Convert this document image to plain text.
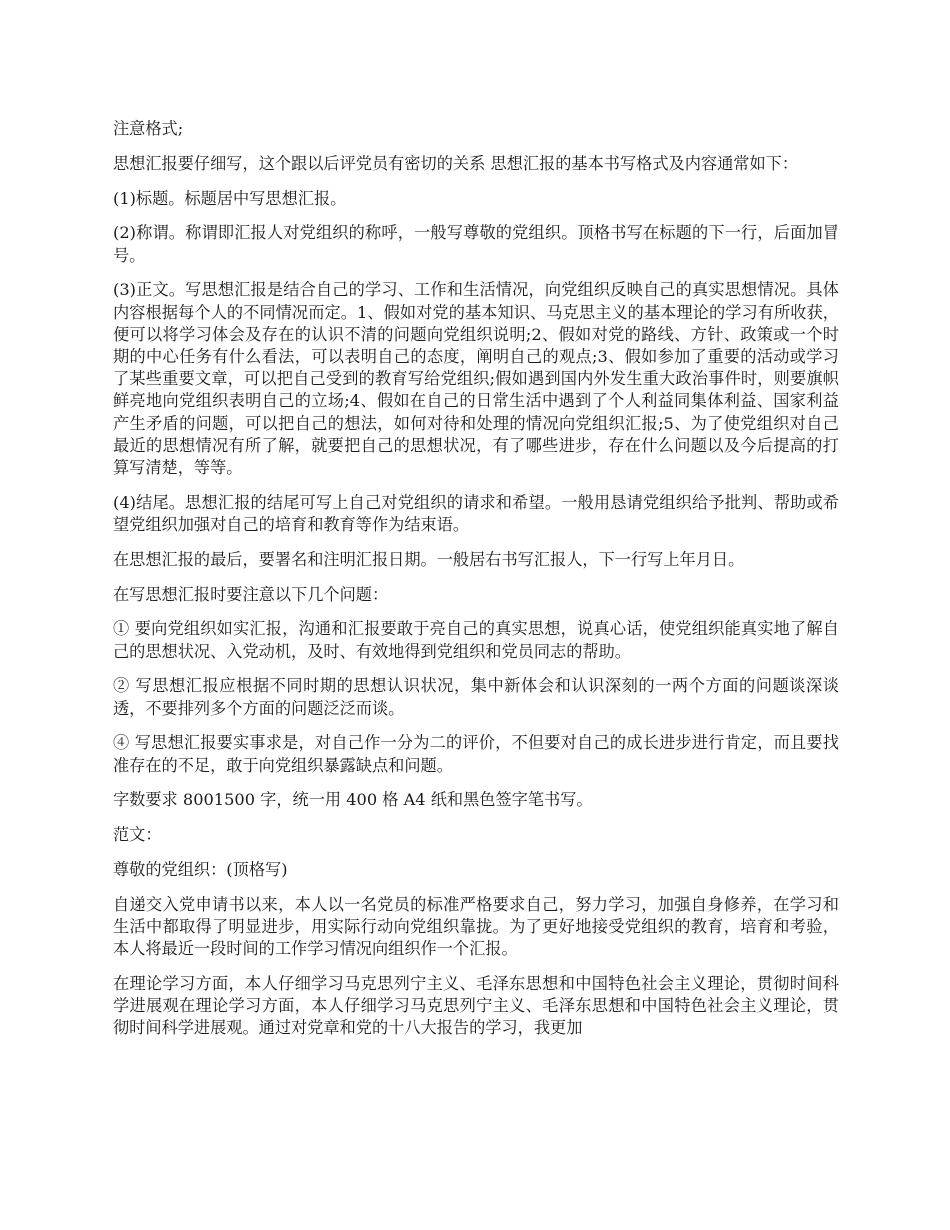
注意格式;

思想汇报要仔细写，这个跟以后评党员有密切的关系 思想汇报的基本书写格式及内容通常如下：

(1)标题。标题居中写思想汇报。

(2)称谓。称谓即汇报人对党组织的称呼，一般写尊敬的党组织。顶格书写在标题的下一行，后面加冒号。

(3)正文。写思想汇报是结合自己的学习、工作和生活情况，向党组织反映自己的真实思想情况。具体内容根据每个人的不同情况而定。1、假如对党的基本知识、马克思主义的基本理论的学习有所收获，便可以将学习体会及存在的认识不清的问题向党组织说明;2、假如对党的路线、方针、政策或一个时期的中心任务有什么看法，可以表明自己的态度，阐明自己的观点;3、假如参加了重要的活动或学习了某些重要文章，可以把自己受到的教育写给党组织;假如遇到国内外发生重大政治事件时，则要旗帜鲜亮地向党组织表明自己的立场;4、假如在自己的日常生活中遇到了个人利益同集体利益、国家利益产生矛盾的问题，可以把自己的想法，如何对待和处理的情况向党组织汇报;5、为了使党组织对自己最近的思想情况有所了解，就要把自己的思想状况，有了哪些进步，存在什么问题以及今后提高的打算写清楚，等等。

(4)结尾。思想汇报的结尾可写上自己对党组织的请求和希望。一般用恳请党组织给予批判、帮助或希望党组织加强对自己的培育和教育等作为结束语。

在思想汇报的最后，要署名和注明汇报日期。一般居右书写汇报人，下一行写上年月日。

在写思想汇报时要注意以下几个问题：

① 要向党组织如实汇报，沟通和汇报要敢于亮自己的真实思想，说真心话，使党组织能真实地了解自己的思想状况、入党动机，及时、有效地得到党组织和党员同志的帮助。

② 写思想汇报应根据不同时期的思想认识状况，集中新体会和认识深刻的一两个方面的问题谈深谈透，不要排列多个方面的问题泛泛而谈。

④ 写思想汇报要实事求是，对自己作一分为二的评价，不但要对自己的成长进步进行肯定，而且要找准存在的不足，敢于向党组织暴露缺点和问题。

字数要求 8001500 字，统一用 400 格 A4 纸和黑色签字笔书写。

范文：

尊敬的党组织：(顶格写)

自递交入党申请书以来，本人以一名党员的标准严格要求自己，努力学习，加强自身修养，在学习和生活中都取得了明显进步，用实际行动向党组织靠拢。为了更好地接受党组织的教育，培育和考验，本人将最近一段时间的工作学习情况向组织作一个汇报。

在理论学习方面，本人仔细学习马克思列宁主义、毛泽东思想和中国特色社会主义理论，贯彻时间科学进展观在理论学习方面，本人仔细学习马克思列宁主义、毛泽东思想和中国特色社会主义理论，贯彻时间科学进展观。通过对党章和党的十八大报告的学习，我更加
